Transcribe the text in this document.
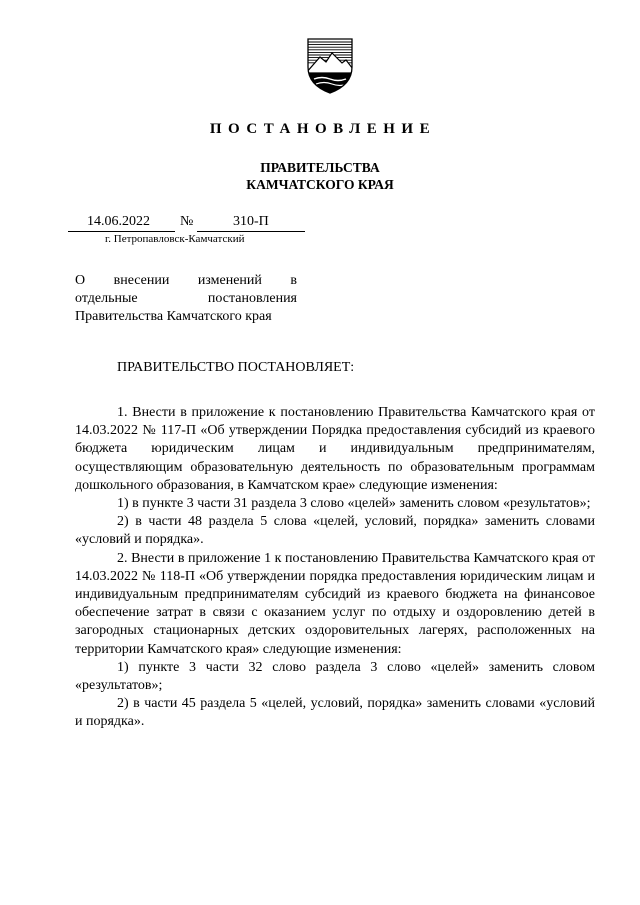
ПОСТАНОВЛЕНИЕ
ПРАВИТЕЛЬСТВА
КАМЧАТСКОГО КРАЯ
14.06.2022 №	310-П
г. Петропавловск-Камчатский
О внесении изменений в
отдельные постановления
Правительства Камчатского края
ПРАВИТЕЛЬСТВО ПОСТАНОВЛЯЕТ:

1. Внести в приложение к постановлению Правительства Камчатского края от 14.03.2022 № 117-П «Об утверждении Порядка предоставления субсидий из краевого бюджета юридическим лицам и индивидуальным предпринимателям, осуществляющим образовательную деятельность по образовательным программам дошкольного образования, в Камчатском крае» следующие изменения:

1) в пункте 3 части 31 раздела 3 слово «целей» заменить словом «результатов»;

2) в части 48 раздела 5 слова «целей, условий, порядка» заменить словами «условий и порядка».

2. Внести в приложение 1 к постановлению Правительства Камчатского края от 14.03.2022 № 118-П «Об утверждении порядка предоставления юридическим лицам и индивидуальным предпринимателям субсидий из краевого бюджета на финансовое обеспечение затрат в связи с оказанием услуг по отдыху и оздоровлению детей в загородных стационарных детских оздоровительных лагерях, расположенных на территории Камчатского края» следующие изменения:

1) пункте 3 части 32 слово раздела 3 слово «целей» заменить словом «результатов»;

2) в части 45 раздела 5 «целей, условий, порядка» заменить словами «условий и порядка».
